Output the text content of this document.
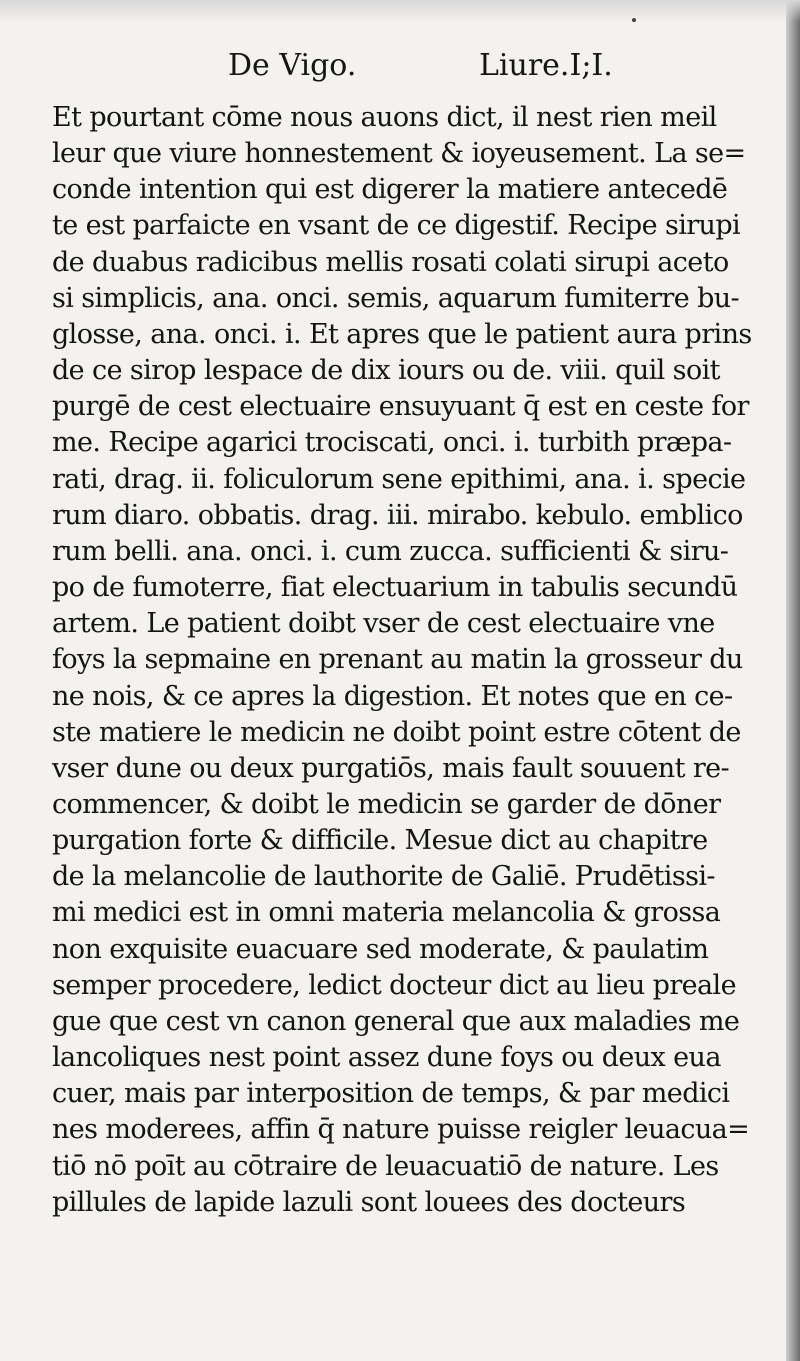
De Vigo.	Liure.I;I.
Et pourtant cōme nous auons dict, il nest rien meil
leur que viure honnestement & ioyeusement. La se=
conde intention qui est digerer la matiere antecedē
te est parfaicte en vsant de ce digestif. Recipe sirupi
de duabus radicibus mellis rosati colati sirupi aceto
si simplicis, ana. onci. semis, aquarum fumiterre bu-
glosse, ana. onci. i. Et apres que le patient aura prins
de ce sirop lespace de dix iours ou de. viii. quil soit
purgē de cest electuaire ensuyuant q̄ est en ceste for
me. Recipe agarici trociscati, onci. i. turbith præpa-
rati, drag. ii. foliculorum sene epithimi, ana. i. specie
rum diaro. obbatis. drag. iii. mirabo. kebulo. emblico
rum belli. ana. onci. i. cum zucca. sufficienti & siru-
po de fumoterre, fiat electuarium in tabulis secundū
artem. Le patient doibt vser de cest electuaire vne
foys la sepmaine en prenant au matin la grosseur du
ne nois, & ce apres la digestion. Et notes que en ce-
ste matiere le medicin ne doibt point estre cōtent de
vser dune ou deux purgatiōs, mais fault souuent re-
commencer, & doibt le medicin se garder de dōner
purgation forte & difficile. Mesue dict au chapitre
de la melancolie de lauthorite de Galiē. Prudētissi-
mi medici est in omni materia melancolia & grossa
non exquisite euacuare sed moderate, & paulatim
semper procedere, ledict docteur dict au lieu preale
gue que cest vn canon general que aux maladies me
lancoliques nest point assez dune foys ou deux eua
cuer, mais par interposition de temps, & par medici
nes moderees, affin q̄ nature puisse reigler leuacua=
tiō nō poīt au cōtraire de leuacuatiō de nature. Les
pillules de lapide lazuli sont louees des docteurs
